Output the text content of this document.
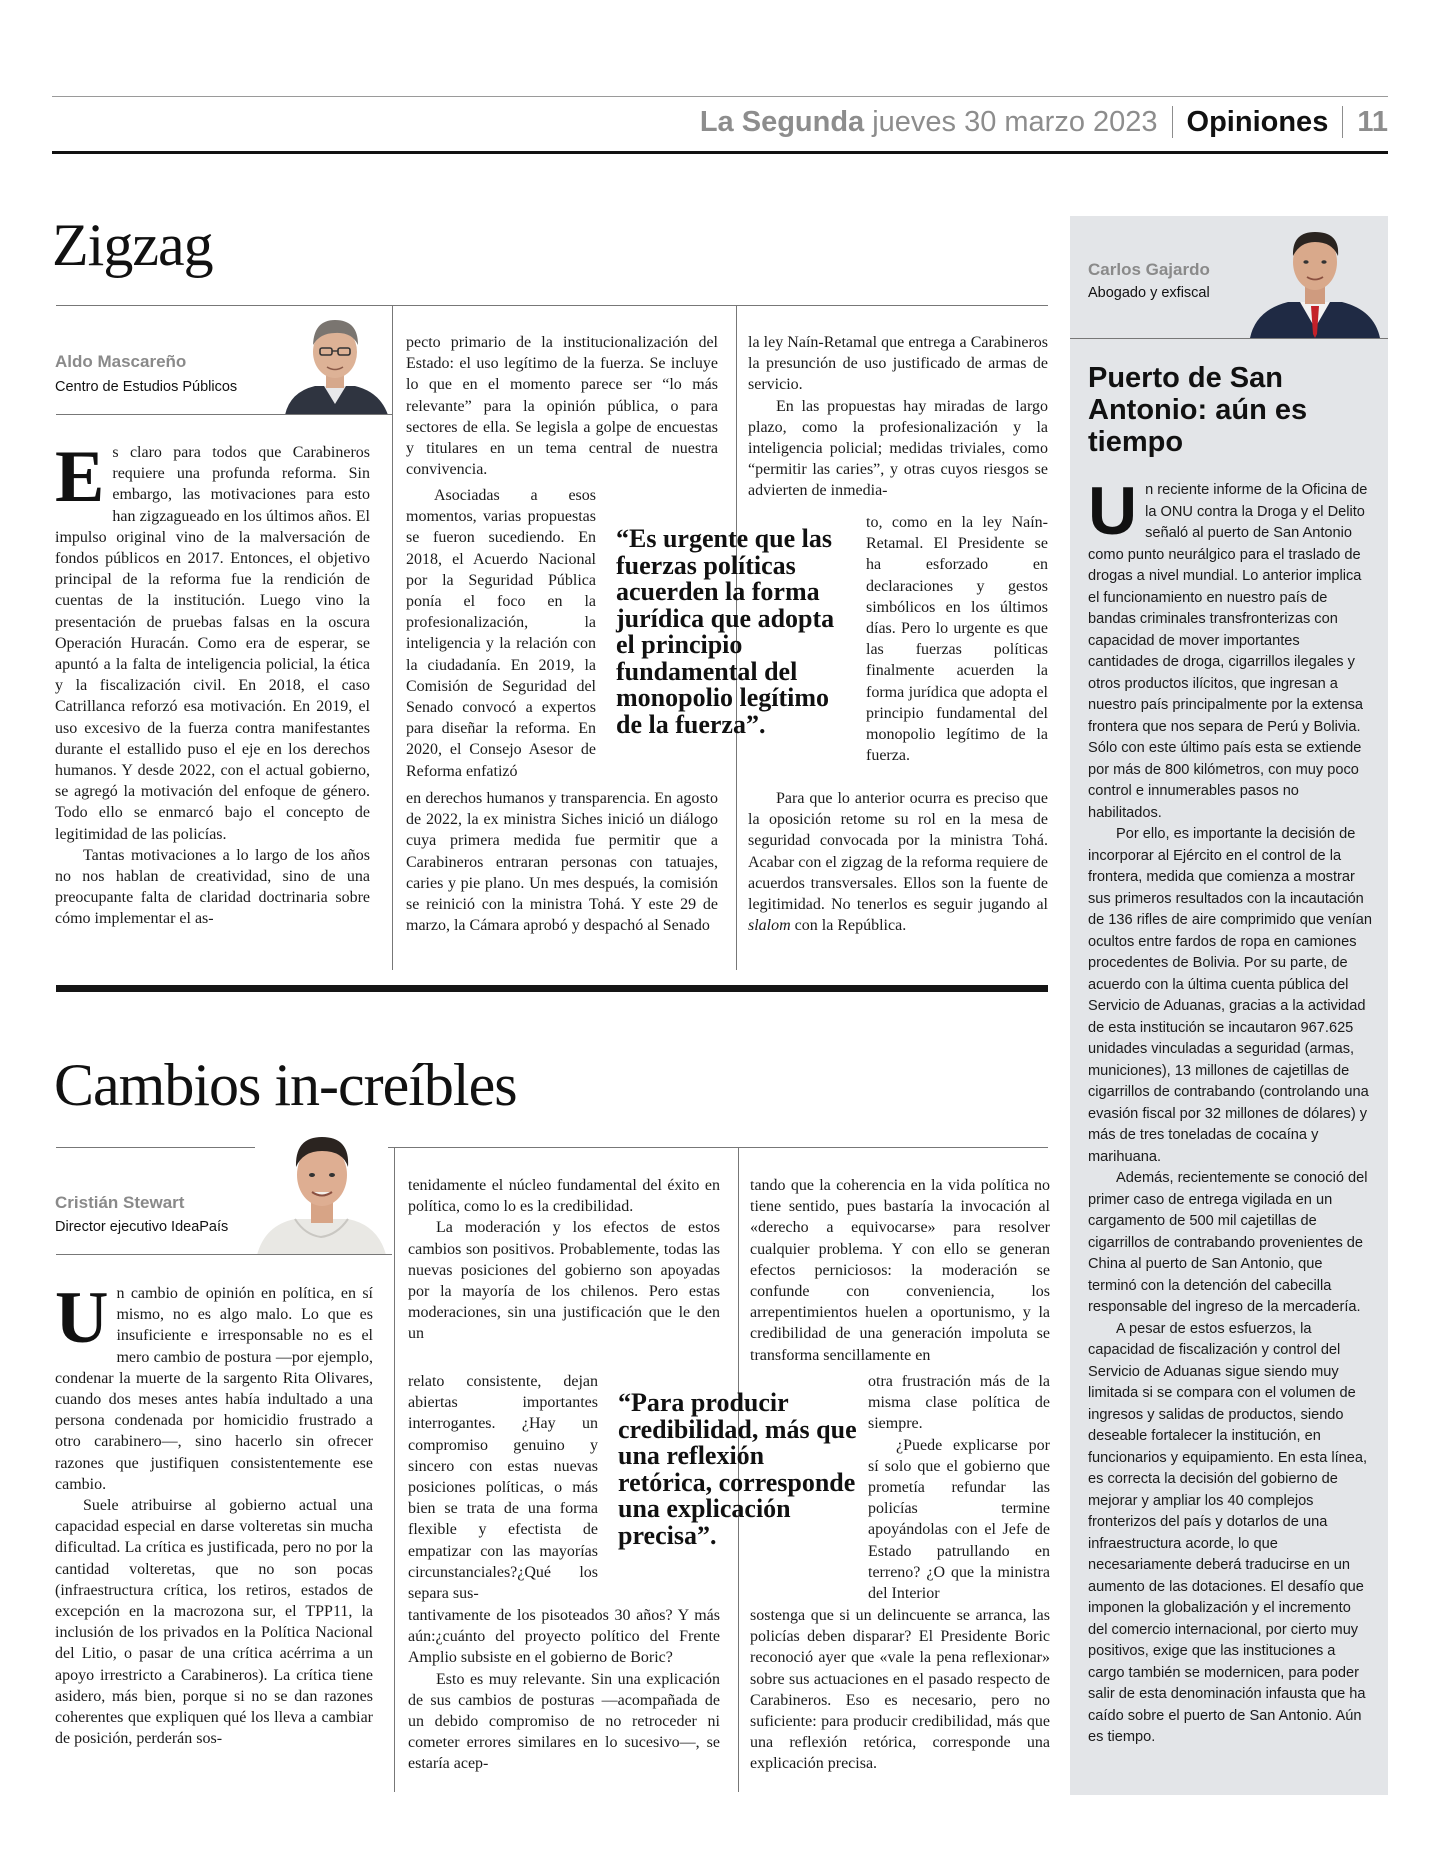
La Segunda jueves 30 marzo 2023 Opiniones 11
Zigzag
Aldo Mascareño
Centro de Estudios Públicos

Es claro para todos que Carabineros requiere una profunda reforma. Sin embargo, las motivaciones para esto han zigzagueado en los últimos años. El impulso original vino de la malversación de fondos públicos en 2017. Entonces, el objetivo principal de la reforma fue la rendición de cuentas de la institución. Luego vino la presentación de pruebas falsas en la oscura Operación Huracán. Como era de esperar, se apuntó a la falta de inteligencia policial, la ética y la fiscalización civil. En 2018, el caso Catrillanca reforzó esa motivación. En 2019, el uso excesivo de la fuerza contra manifestantes durante el estallido puso el eje en los derechos humanos. Y desde 2022, con el actual gobierno, se agregó la motivación del enfoque de género. Todo ello se enmarcó bajo el concepto de legitimidad de las policías.

Tantas motivaciones a lo largo de los años no nos hablan de creatividad, sino de una preocupante falta de claridad doctrinaria sobre cómo implementar el as-

pecto primario de la institucionalización del Estado: el uso legítimo de la fuerza. Se incluye lo que en el momento parece ser “lo más relevante” para la opinión pública, o para sectores de ella. Se legisla a golpe de encuestas y titulares en un tema central de nuestra convivencia.

Asociadas a esos momentos, varias propuestas se fueron sucediendo. En 2018, el Acuerdo Nacional por la Seguridad Pública ponía el foco en la profesionalización, la inteligencia y la relación con la ciudadanía. En 2019, la Comisión de Seguridad del Senado convocó a expertos para diseñar la reforma. En 2020, el Consejo Asesor de Reforma enfatizó

en derechos humanos y transparencia. En agosto de 2022, la ex ministra Siches inició un diálogo cuya primera medida fue permitir que a Carabineros entraran personas con tatuajes, caries y pie plano. Un mes después, la comisión se reinició con la ministra Tohá. Y este 29 de marzo, la Cámara aprobó y despachó al Senado

la ley Naín-Retamal que entrega a Carabineros la presunción de uso justificado de armas de servicio.

En las propuestas hay miradas de largo plazo, como la profesionalización y la inteligencia policial; medidas triviales, como “permitir las caries”, y otras cuyos riesgos se advierten de inmedia-

to, como en la ley Naín-Retamal. El Presidente se ha esforzado en declaraciones y gestos simbólicos en los últimos días. Pero lo urgente es que las fuerzas políticas finalmente acuerden la forma jurídica que adopta el principio fundamental del monopolio legítimo de la fuerza.

Para que lo anterior ocurra es preciso que la oposición retome su rol en la mesa de seguridad convocada por la ministra Tohá. Acabar con el zigzag de la reforma requiere de acuerdos transversales. Ellos son la fuente de legitimidad. No tenerlos es seguir jugando al slalom con la República.

“Es urgente que las fuerzas políticas acuerden la forma jurídica que adopta el principio fundamental del monopolio legítimo de la fuerza”.
Cambios in-creíbles
Cristián Stewart
Director ejecutivo IdeaPaís

Un cambio de opinión en política, en sí mismo, no es algo malo. Lo que es insuficiente e irresponsable no es el mero cambio de postura —por ejemplo, condenar la muerte de la sargento Rita Olivares, cuando dos meses antes había indultado a una persona condenada por homicidio frustrado a otro carabinero—, sino hacerlo sin ofrecer razones que justifiquen consistentemente ese cambio.

Suele atribuirse al gobierno actual una capacidad especial en darse volteretas sin mucha dificultad. La crítica es justificada, pero no por la cantidad volteretas, que no son pocas (infraestructura crítica, los retiros, estados de excepción en la macrozona sur, el TPP11, la inclusión de los privados en la Política Nacional del Litio, o pasar de una crítica acérrima a un apoyo irrestricto a Carabineros). La crítica tiene asidero, más bien, porque si no se dan razones coherentes que expliquen qué los lleva a cambiar de posición, perderán sos-

tenidamente el núcleo fundamental del éxito en política, como lo es la credibilidad.

La moderación y los efectos de estos cambios son positivos. Probablemente, todas las nuevas posiciones del gobierno son apoyadas por la mayoría de los chilenos. Pero estas moderaciones, sin una justificación que le den un

relato consistente, dejan abiertas importantes interrogantes. ¿Hay un compromiso genuino y sincero con estas nuevas posiciones políticas, o más bien se trata de una forma flexible y efectista de empatizar con las mayorías circunstanciales?¿Qué los separa sus-

tantivamente de los pisoteados 30 años? Y más aún:¿cuánto del proyecto político del Frente Amplio subsiste en el gobierno de Boric?

Esto es muy relevante. Sin una explicación de sus cambios de posturas —acompañada de un debido compromiso de no retroceder ni cometer errores similares en lo sucesivo—, se estaría acep-

tando que la coherencia en la vida política no tiene sentido, pues bastaría la invocación al «derecho a equivocarse» para resolver cualquier problema. Y con ello se generan efectos perniciosos: la moderación se confunde con conveniencia, los arrepentimientos huelen a oportunismo, y la credibilidad de una generación impoluta se transforma sencillamente en

otra frustración más de la misma clase política de siempre.

¿Puede explicarse por sí solo que el gobierno que prometía refundar las policías termine apoyándolas con el Jefe de Estado patrullando en terreno? ¿O que la ministra del Interior

sostenga que si un delincuente se arranca, las policías deben disparar? El Presidente Boric reconoció ayer que «vale la pena reflexionar» sobre sus actuaciones en el pasado respecto de Carabineros. Eso es necesario, pero no suficiente: para producir credibilidad, más que una reflexión retórica, corresponde una explicación precisa.

“Para producir credibilidad, más que una reflexión retórica, corresponde una explicación precisa”.
Carlos Gajardo
Abogado y exfiscal
Puerto de San Antonio: aún es tiempo

Un reciente informe de la Oficina de la ONU contra la Droga y el Delito señaló al puerto de San Antonio como punto neurálgico para el traslado de drogas a nivel mundial. Lo anterior implica el funcionamiento en nuestro país de bandas criminales transfronterizas con capacidad de mover importantes cantidades de droga, cigarrillos ilegales y otros productos ilícitos, que ingresan a nuestro país principalmente por la extensa frontera que nos separa de Perú y Bolivia. Sólo con este último país esta se extiende por más de 800 kilómetros, con muy poco control e innumerables pasos no habilitados.

Por ello, es importante la decisión de incorporar al Ejército en el control de la frontera, medida que comienza a mostrar sus primeros resultados con la incautación de 136 rifles de aire comprimido que venían ocultos entre fardos de ropa en camiones procedentes de Bolivia. Por su parte, de acuerdo con la última cuenta pública del Servicio de Aduanas, gracias a la actividad de esta institución se incautaron 967.625 unidades vinculadas a seguridad (armas, municiones), 13 millones de cajetillas de cigarrillos de contrabando (controlando una evasión fiscal por 32 millones de dólares) y más de tres toneladas de cocaína y marihuana.

Además, recientemente se conoció del primer caso de entrega vigilada en un cargamento de 500 mil cajetillas de cigarrillos de contrabando provenientes de China al puerto de San Antonio, que terminó con la detención del cabecilla responsable del ingreso de la mercadería.

A pesar de estos esfuerzos, la capacidad de fiscalización y control del Servicio de Aduanas sigue siendo muy limitada si se compara con el volumen de ingresos y salidas de productos, siendo deseable fortalecer la institución, en funcionarios y equipamiento. En esta línea, es correcta la decisión del gobierno de mejorar y ampliar los 40 complejos fronterizos del país y dotarlos de una infraestructura acorde, lo que necesariamente deberá traducirse en un aumento de las dotaciones. El desafío que imponen la globalización y el incremento del comercio internacional, por cierto muy positivos, exige que las instituciones a cargo también se modernicen, para poder salir de esta denominación infausta que ha caído sobre el puerto de San Antonio. Aún es tiempo.
